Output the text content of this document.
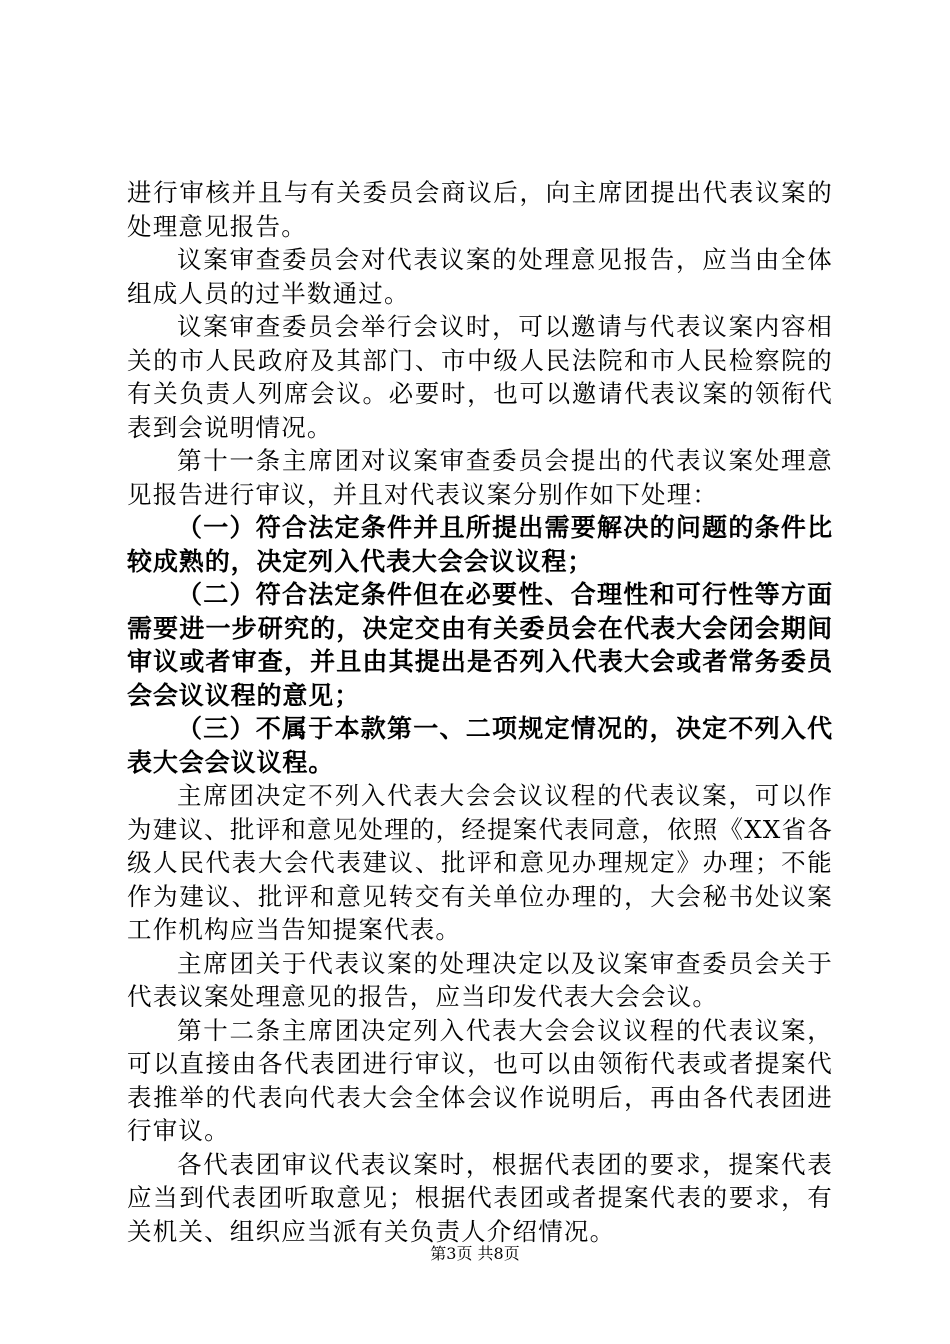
进行审核并且与有关委员会商议后，向主席团提出代表议案的处理意见报告。

议案审查委员会对代表议案的处理意见报告，应当由全体组成人员的过半数通过。

议案审查委员会举行会议时，可以邀请与代表议案内容相关的市人民政府及其部门、市中级人民法院和市人民检察院的有关负责人列席会议。必要时，也可以邀请代表议案的领衔代表到会说明情况。

第十一条主席团对议案审查委员会提出的代表议案处理意见报告进行审议，并且对代表议案分别作如下处理：

（一）符合法定条件并且所提出需要解决的问题的条件比较成熟的，决定列入代表大会会议议程；

（二）符合法定条件但在必要性、合理性和可行性等方面需要进一步研究的，决定交由有关委员会在代表大会闭会期间审议或者审查，并且由其提出是否列入代表大会或者常务委员会会议议程的意见；

（三）不属于本款第一、二项规定情况的，决定不列入代表大会会议议程。

主席团决定不列入代表大会会议议程的代表议案，可以作为建议、批评和意见处理的，经提案代表同意，依照《XX省各级人民代表大会代表建议、批评和意见办理规定》办理；不能作为建议、批评和意见转交有关单位办理的，大会秘书处议案工作机构应当告知提案代表。

主席团关于代表议案的处理决定以及议案审查委员会关于代表议案处理意见的报告，应当印发代表大会会议。

第十二条主席团决定列入代表大会会议议程的代表议案，可以直接由各代表团进行审议，也可以由领衔代表或者提案代表推举的代表向代表大会全体会议作说明后，再由各代表团进行审议。

各代表团审议代表议案时，根据代表团的要求，提案代表应当到代表团听取意见；根据代表团或者提案代表的要求，有关机关、组织应当派有关负责人介绍情况。

第3页 共8页
